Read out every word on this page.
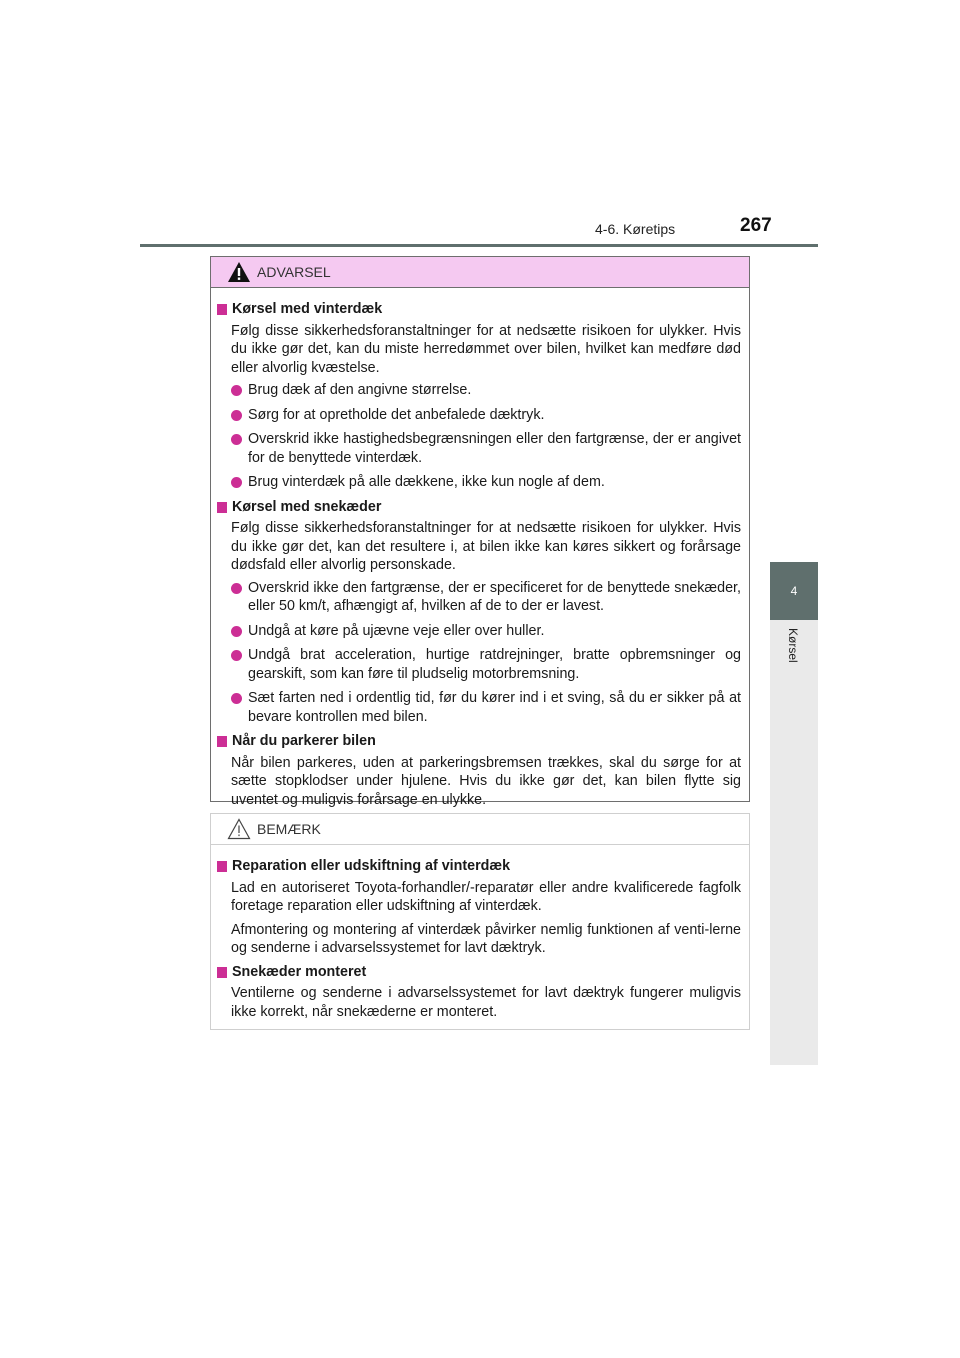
4-6. Køretips	267
4
Kørsel
ADVARSEL
Kørsel med vinterdæk
Følg disse sikkerhedsforanstaltninger for at nedsætte risikoen for ulykker. Hvis du ikke gør det, kan du miste herredømmet over bilen, hvilket kan medføre død eller alvorlig kvæstelse.
Brug dæk af den angivne størrelse.
Sørg for at opretholde det anbefalede dæktryk.
Overskrid ikke hastighedsbegrænsningen eller den fartgrænse, der er angivet for de benyttede vinterdæk.
Brug vinterdæk på alle dækkene, ikke kun nogle af dem.
Kørsel med snekæder
Følg disse sikkerhedsforanstaltninger for at nedsætte risikoen for ulykker. Hvis du ikke gør det, kan det resultere i, at bilen ikke kan køres sikkert og forårsage dødsfald eller alvorlig personskade.
Overskrid ikke den fartgrænse, der er specificeret for de benyttede snekæder, eller 50 km/t, afhængigt af, hvilken af de to der er lavest.
Undgå at køre på ujævne veje eller over huller.
Undgå brat acceleration, hurtige ratdrejninger, bratte opbremsninger og gearskift, som kan føre til pludselig motorbremsning.
Sæt farten ned i ordentlig tid, før du kører ind i et sving, så du er sikker på at bevare kontrollen med bilen.
Når du parkerer bilen
Når bilen parkeres, uden at parkeringsbremsen trækkes, skal du sørge for at sætte stopklodser under hjulene. Hvis du ikke gør det, kan bilen flytte sig uventet og muligvis forårsage en ulykke.
BEMÆRK
Reparation eller udskiftning af vinterdæk
Lad en autoriseret Toyota-forhandler/-reparatør eller andre kvalificerede fagfolk foretage reparation eller udskiftning af vinterdæk.
Afmontering og montering af vinterdæk påvirker nemlig funktionen af venti-lerne og senderne i advarselssystemet for lavt dæktryk.
Snekæder monteret
Ventilerne og senderne i advarselssystemet for lavt dæktryk fungerer muligvis ikke korrekt, når snekæderne er monteret.
